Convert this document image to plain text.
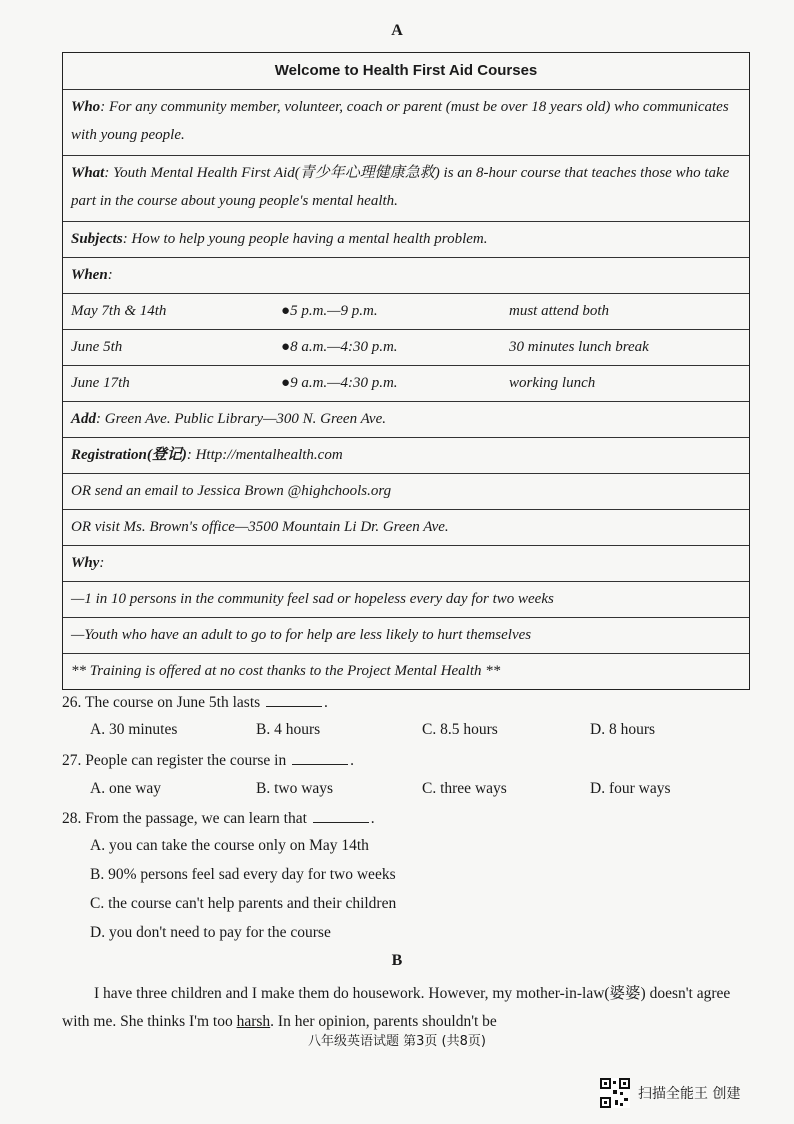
A
Welcome to Health First Aid Courses
Who: For any community member, volunteer, coach or parent (must be over 18 years old) who communicates with young people.
What: Youth Mental Health First Aid(青少年心理健康急救) is an 8-hour course that teaches those who take part in the course about young people's mental health.
Subjects: How to help young people having a mental health problem.
When:
May 7th & 14th	●5 p.m.—9 p.m.	must attend both
June 5th	●8 a.m.—4:30 p.m.	30 minutes lunch break
June 17th	●9 a.m.—4:30 p.m.	working lunch
Add: Green Ave. Public Library—300 N. Green Ave.
Registration(登记): Http://mentalhealth.com
OR send an email to Jessica Brown @highchools.org
OR visit Ms. Brown's office—3500 Mountain Li Dr. Green Ave.
Why:
—1 in 10 persons in the community feel sad or hopeless every day for two weeks
—Youth who have an adult to go to for help are less likely to hurt themselves
** Training is offered at no cost thanks to the Project Mental Health **
26. The course on June 5th lasts	.
A. 30 minutes	B. 4 hours	C. 8.5 hours	D. 8 hours
27. People can register the course in	.
A. one way	B. two ways	C. three ways	D. four ways
28. From the passage, we can learn that	.
A. you can take the course only on May 14th
B. 90% persons feel sad every day for two weeks
C. the course can't help parents and their children
D. you don't need to pay for the course
B
I have three children and I make them do housework. However, my mother-in-law(婆婆) doesn't agree with me. She thinks I'm too harsh. In her opinion, parents shouldn't be
八年级英语试题 第3页 (共8页)
扫描全能王 创建
